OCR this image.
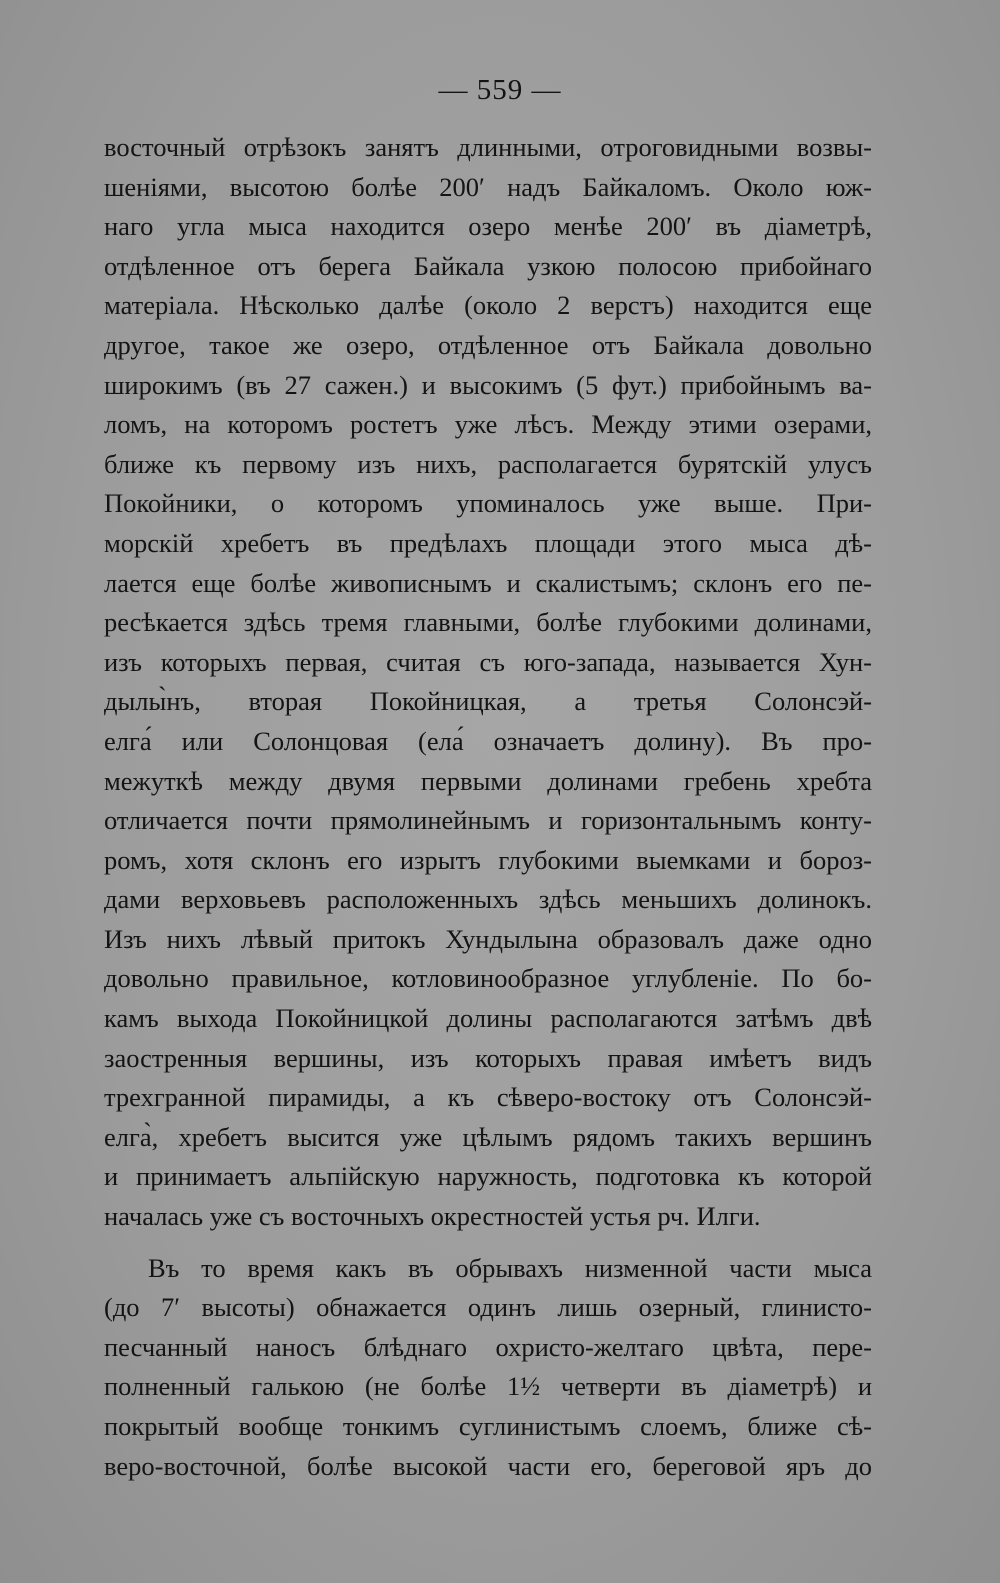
— 559 —
восточный отрѣзокъ занятъ длинными, отроговидными возвы-
шеніями, высотою болѣе 200′ надъ Байкаломъ. Около юж-
наго угла мыса находится озеро менѣе 200′ въ діаметрѣ,
отдѣленное отъ берега Байкала узкою полосою прибойнаго
матеріала. Нѣсколько далѣе (около 2 верстъ) находится еще
другое, такое же озеро, отдѣленное отъ Байкала довольно
широкимъ (въ 27 сажен.) и высокимъ (5 фут.) прибойнымъ ва-
ломъ, на которомъ ростетъ уже лѣсъ. Между этими озерами,
ближе къ первому изъ нихъ, располагается бурятскій улусъ
Покойники, о которомъ упоминалось уже выше. При-
морскій хребетъ въ предѣлахъ площади этого мыса дѣ-
лается еще болѣе живописнымъ и скалистымъ; склонъ его пе-
ресѣкается здѣсь тремя главными, болѣе глубокими долинами,
изъ которыхъ первая, считая съ юго-запада, называется Хун-
дылы̀нъ, вторая Покойницкая, а третья Солонсэй-
елга́ или Солонцовая (ела́ означаетъ долину). Въ про-
межуткѣ между двумя первыми долинами гребень хребта
отличается почти прямолинейнымъ и горизонтальнымъ конту-
ромъ, хотя склонъ его изрытъ глубокими выемками и бороз-
дами верховьевъ расположенныхъ здѣсь меньшихъ долинокъ.
Изъ нихъ лѣвый притокъ Хундылына образовалъ даже одно
довольно правильное, котловинообразное углубленіе. По бо-
камъ выхода Покойницкой долины располагаются затѣмъ двѣ
заостренныя вершины, изъ которыхъ правая имѣетъ видъ
трехгранной пирамиды, а къ сѣверо-востоку отъ Солонсэй-
елга̀, хребетъ высится уже цѣлымъ рядомъ такихъ вершинъ
и принимаетъ альпійскую наружность, подготовка къ которой
началась уже съ восточныхъ окрестностей устья рч. Илги.
Въ то время какъ въ обрывахъ низменной части мыса
(до 7′ высоты) обнажается одинъ лишь озерный, глинисто-
песчанный наносъ блѣднаго охристо-желтаго цвѣта, пере-
полненный галькою (не болѣе 1½ четверти въ діаметрѣ) и
покрытый вообще тонкимъ суглинистымъ слоемъ, ближе сѣ-
веро-восточной, болѣе высокой части его, береговой яръ до
